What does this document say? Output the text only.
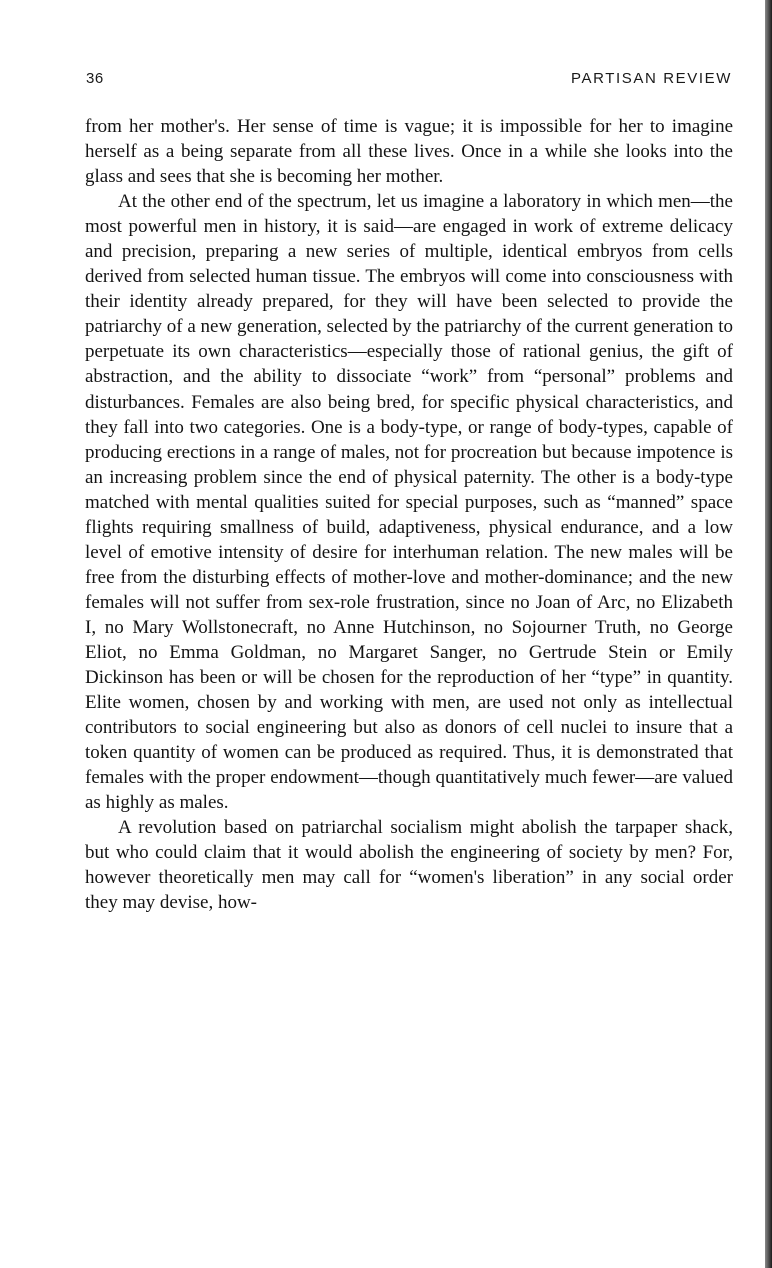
36	PARTISAN REVIEW

from her mother's. Her sense of time is vague; it is impossible for her to imagine herself as a being separate from all these lives. Once in a while she looks into the glass and sees that she is becoming her mother.

At the other end of the spectrum, let us imagine a laboratory in which men—the most powerful men in history, it is said—are engaged in work of extreme delicacy and precision, preparing a new series of multiple, identical embryos from cells derived from selected human tissue. The embryos will come into consciousness with their identity already prepared, for they will have been selected to provide the patriarchy of a new generation, selected by the patriarchy of the current generation to perpetuate its own characteristics—especially those of rational genius, the gift of abstraction, and the ability to dissociate “work” from “personal” problems and disturbances. Females are also being bred, for specific physical characteristics, and they fall into two categories. One is a body-type, or range of body-types, capable of producing erections in a range of males, not for procreation but because impotence is an increasing problem since the end of physical paternity. The other is a body-type matched with mental qualities suited for special purposes, such as “manned” space flights requiring smallness of build, adaptiveness, physical endurance, and a low level of emotive intensity of desire for interhuman relation. The new males will be free from the disturbing effects of mother-love and mother-dominance; and the new females will not suffer from sex-role frustration, since no Joan of Arc, no Elizabeth I, no Mary Wollstonecraft, no Anne Hutchinson, no Sojourner Truth, no George Eliot, no Emma Goldman, no Margaret Sanger, no Gertrude Stein or Emily Dickinson has been or will be chosen for the reproduction of her “type” in quantity. Elite women, chosen by and working with men, are used not only as intellectual contributors to social engineering but also as donors of cell nuclei to insure that a token quantity of women can be produced as required. Thus, it is demonstrated that females with the proper endowment—though quantitatively much fewer—are valued as highly as males.

A revolution based on patriarchal socialism might abolish the tarpaper shack, but who could claim that it would abolish the engineering of society by men? For, however theoretically men may call for “women's liberation” in any social order they may devise, how-
